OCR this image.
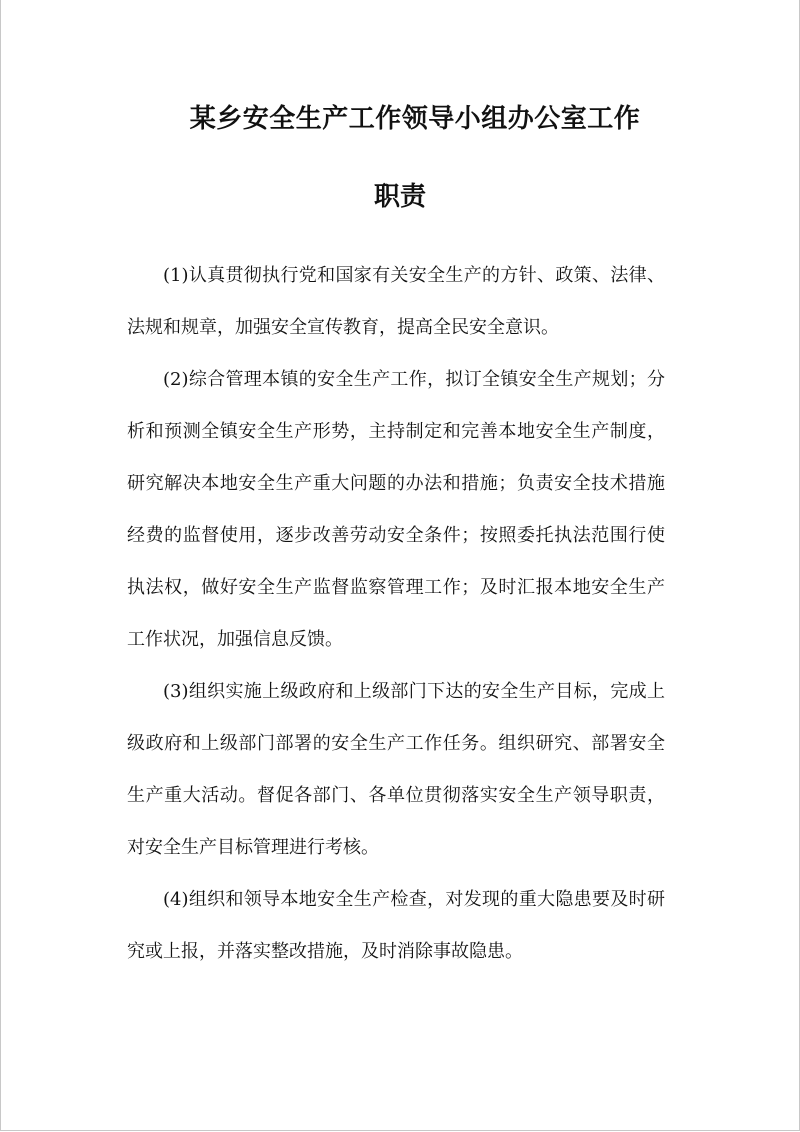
某乡安全生产工作领导小组办公室工作
职责

(1)认真贯彻执行党和国家有关安全生产的方针、政策、法律、法规和规章，加强安全宣传教育，提高全民安全意识。

(2)综合管理本镇的安全生产工作，拟订全镇安全生产规划；分析和预测全镇安全生产形势，主持制定和完善本地安全生产制度，研究解决本地安全生产重大问题的办法和措施；负责安全技术措施经费的监督使用，逐步改善劳动安全条件；按照委托执法范围行使执法权，做好安全生产监督监察管理工作；及时汇报本地安全生产工作状况，加强信息反馈。

(3)组织实施上级政府和上级部门下达的安全生产目标，完成上级政府和上级部门部署的安全生产工作任务。组织研究、部署安全生产重大活动。督促各部门、各单位贯彻落实安全生产领导职责，对安全生产目标管理进行考核。

(4)组织和领导本地安全生产检查，对发现的重大隐患要及时研究或上报，并落实整改措施，及时消除事故隐患。
